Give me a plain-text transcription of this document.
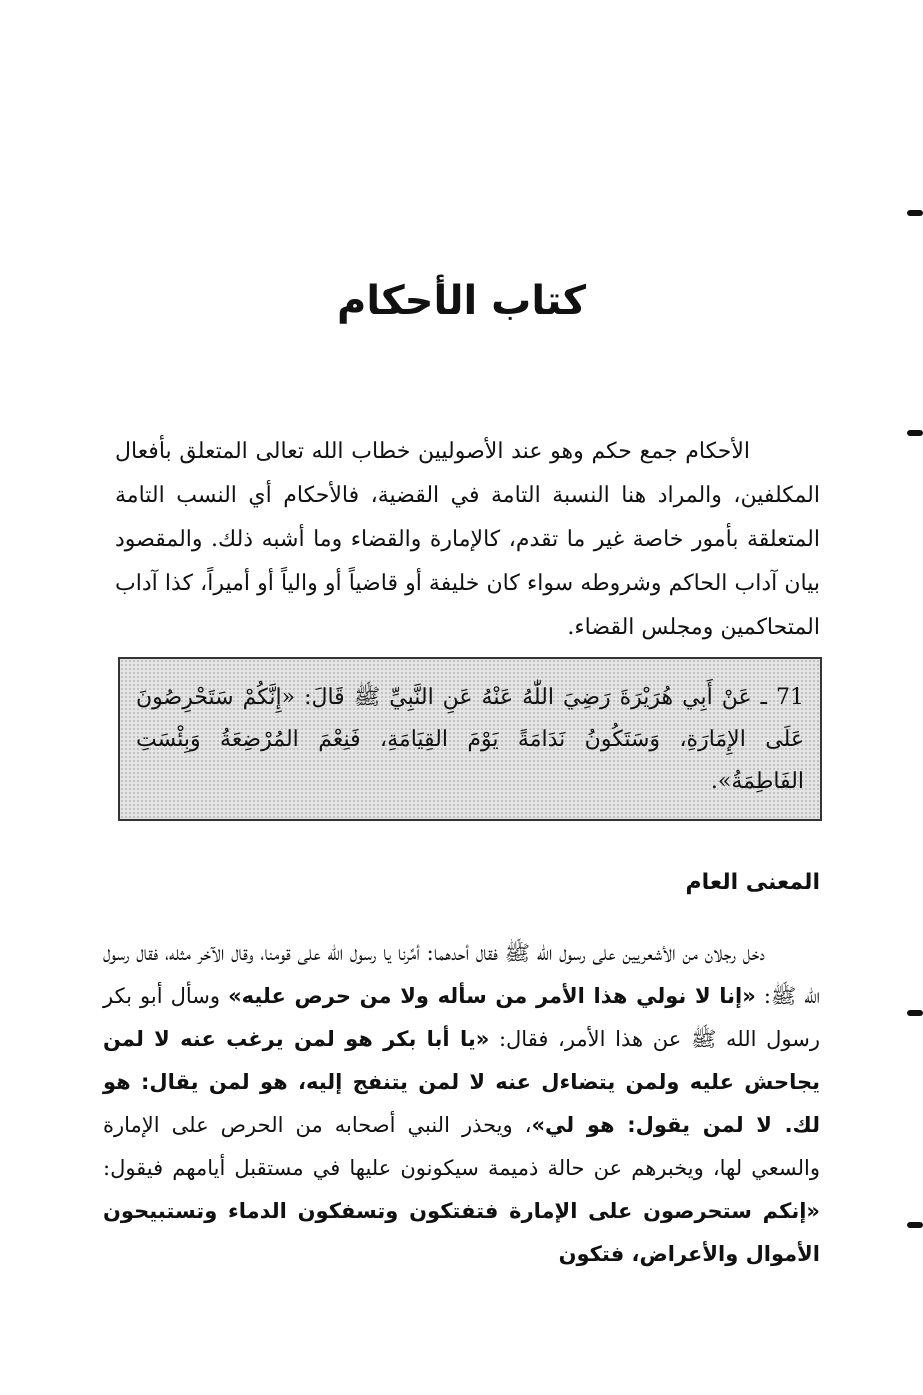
كتاب الأحكام

الأحكام جمع حكم وهو عند الأصوليين خطاب الله تعالى المتعلق بأفعال المكلفين، والمراد هنا النسبة التامة في القضية، فالأحكام أي النسب التامة المتعلقة بأمور خاصة غير ما تقدم، كالإمارة والقضاء وما أشبه ذلك. والمقصود بيان آداب الحاكم وشروطه سواء كان خليفة أو قاضياً أو والياً أو أميراً، كذا آداب المتحاكمين ومجلس القضاء.

71 ـ عَنْ أَبِي هُرَيْرَةَ رَضِيَ اللّٰهُ عَنْهُ عَنِ النَّبِيِّ ﷺ قَالَ: «إِنَّكُمْ سَتَحْرِصُونَ عَلَى الإِمَارَةِ، وَسَتَكُونُ نَدَامَةً يَوْمَ القِيَامَةِ، فَنِعْمَ المُرْضِعَةُ وَبِئْسَتِ الفَاطِمَةُ».
المعنى العام

دخل رجلان من الأشعريين على رسول الله ﷺ فقال أحدهما: أمِّرنا يا رسول الله على قومنا، وقال الآخر مثله، فقال رسول الله ﷺ: «إنا لا نولي هذا الأمر من سأله ولا من حرص عليه» وسأل أبو بكر رسول الله ﷺ عن هذا الأمر، فقال: «يا أبا بكر هو لمن يرغب عنه لا لمن يجاحش عليه ولمن يتضاءل عنه لا لمن يتنفج إليه، هو لمن يقال: هو لك. لا لمن يقول: هو لي»، ويحذر النبي أصحابه من الحرص على الإمارة والسعي لها، ويخبرهم عن حالة ذميمة سيكونون عليها في مستقبل أيامهم فيقول: «إنكم ستحرصون على الإمارة فتفتكون وتسفكون الدماء وتستبيحون الأموال والأعراض، فتكون
